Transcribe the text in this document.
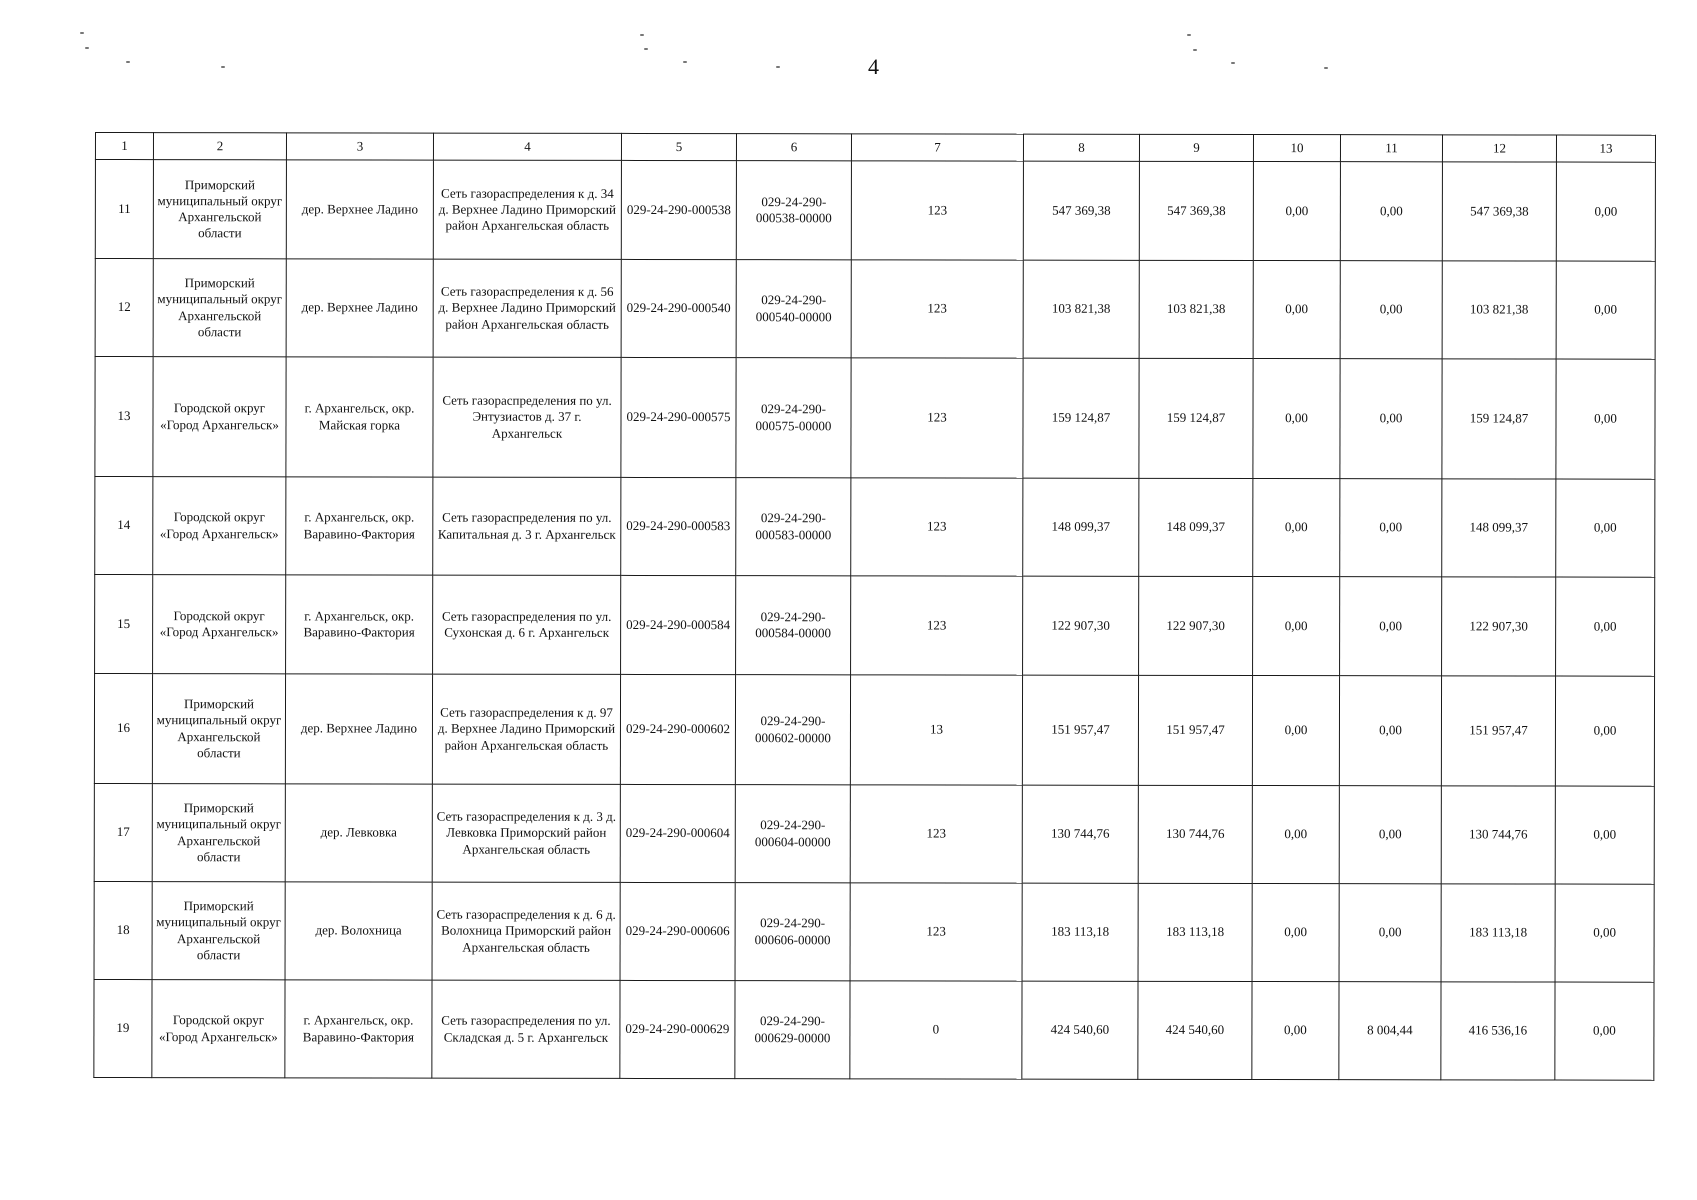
4
1	2	3	4	5	6	7	8	9	10	11	12	13
11	Приморский муниципальный округ Архангельской области	дер. Верхнее Ладино	Сеть газораспределения к д. 34 д. Верхнее Ладино Приморский район Архангельская область	029-24-290-000538	029-24-290-000538-00000	123	547 369,38	547 369,38	0,00	0,00	547 369,38	0,00
12	Приморский муниципальный округ Архангельской области	дер. Верхнее Ладино	Сеть газораспределения к д. 56 д. Верхнее Ладино Приморский район Архангельская область	029-24-290-000540	029-24-290-000540-00000	123	103 821,38	103 821,38	0,00	0,00	103 821,38	0,00
13	Городской округ «Город Архангельск»	г. Архангельск, окр. Майская горка	Сеть газораспределения по ул. Энтузиастов д. 37 г. Архангельск	029-24-290-000575	029-24-290-000575-00000	123	159 124,87	159 124,87	0,00	0,00	159 124,87	0,00
14	Городской округ «Город Архангельск»	г. Архангельск, окр. Варавино-Фактория	Сеть газораспределения по ул. Капитальная д. 3 г. Архангельск	029-24-290-000583	029-24-290-000583-00000	123	148 099,37	148 099,37	0,00	0,00	148 099,37	0,00
15	Городской округ «Город Архангельск»	г. Архангельск, окр. Варавино-Фактория	Сеть газораспределения по ул. Сухонская д. 6 г. Архангельск	029-24-290-000584	029-24-290-000584-00000	123	122 907,30	122 907,30	0,00	0,00	122 907,30	0,00
16	Приморский муниципальный округ Архангельской области	дер. Верхнее Ладино	Сеть газораспределения к д. 97 д. Верхнее Ладино Приморский район Архангельская область	029-24-290-000602	029-24-290-000602-00000	13	151 957,47	151 957,47	0,00	0,00	151 957,47	0,00
17	Приморский муниципальный округ Архангельской области	дер. Левковка	Сеть газораспределения к д. 3 д. Левковка Приморский район Архангельская область	029-24-290-000604	029-24-290-000604-00000	123	130 744,76	130 744,76	0,00	0,00	130 744,76	0,00
18	Приморский муниципальный округ Архангельской области	дер. Волохница	Сеть газораспределения к д. 6 д. Волохница Приморский район Архангельская область	029-24-290-000606	029-24-290-000606-00000	123	183 113,18	183 113,18	0,00	0,00	183 113,18	0,00
19	Городской округ «Город Архангельск»	г. Архангельск, окр. Варавино-Фактория	Сеть газораспределения по ул. Складская д. 5 г. Архангельск	029-24-290-000629	029-24-290-000629-00000	0	424 540,60	424 540,60	0,00	8 004,44	416 536,16	0,00
